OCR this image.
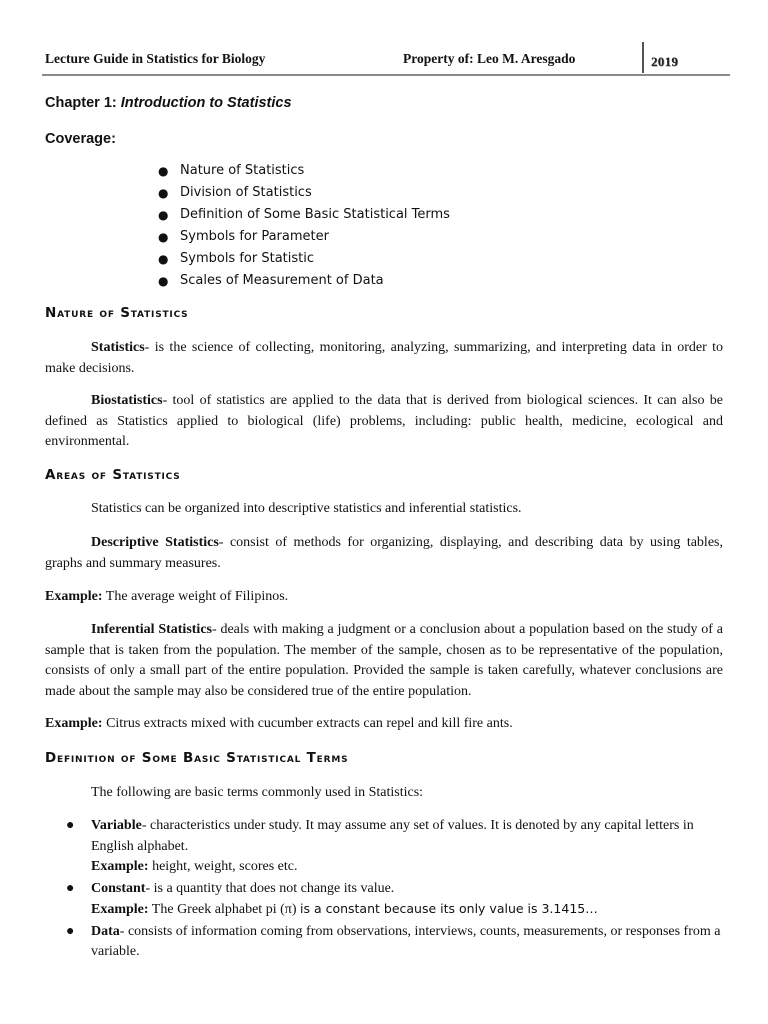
Lecture Guide in Statistics for Biology	Property of: Leo M. Aresgado	2019
Chapter 1: Introduction to Statistics
Coverage:
● Nature of Statistics
● Division of Statistics
● Definition of Some Basic Statistical Terms
● Symbols for Parameter
● Symbols for Statistic
● Scales of Measurement of Data
Nature of Statistics
Statistics- is the science of collecting, monitoring, analyzing, summarizing, and interpreting data in order to make decisions.
Biostatistics- tool of statistics are applied to the data that is derived from biological sciences. It can also be defined as Statistics applied to biological (life) problems, including: public health, medicine, ecological and environmental.
Areas of Statistics
Statistics can be organized into descriptive statistics and inferential statistics.
Descriptive Statistics- consist of methods for organizing, displaying, and describing data by using tables, graphs and summary measures.
Example: The average weight of Filipinos.
Inferential Statistics- deals with making a judgment or a conclusion about a population based on the study of a sample that is taken from the population. The member of the sample, chosen as to be representative of the population, consists of only a small part of the entire population. Provided the sample is taken carefully, whatever conclusions are made about the sample may also be considered true of the entire population.
Example: Citrus extracts mixed with cucumber extracts can repel and kill fire ants.
Definition of Some Basic Statistical Terms
The following are basic terms commonly used in Statistics:
● Variable- characteristics under study. It may assume any set of values. It is denoted by any capital letters in English alphabet.
Example: height, weight, scores etc.
● Constant- is a quantity that does not change its value.
Example: The Greek alphabet pi (π) is a constant because its only value is 3.1415…
● Data- consists of information coming from observations, interviews, counts, measurements, or responses from a variable.
